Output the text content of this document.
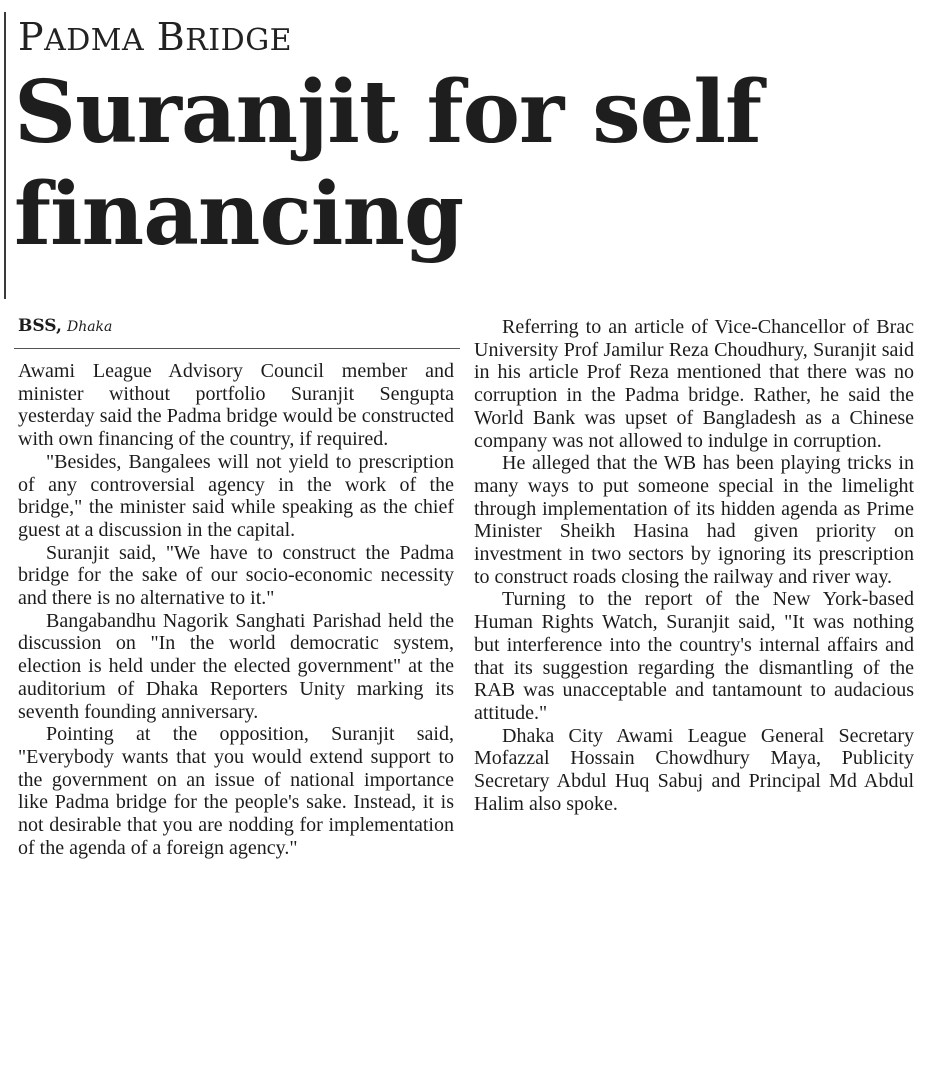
PADMA BRIDGE
Suranjit for self financing
BSS, Dhaka

Awami League Advisory Council member and minister without portfolio Suranjit Sengupta yesterday said the Padma bridge would be constructed with own financing of the country, if required.

"Besides, Bangalees will not yield to prescription of any controversial agency in the work of the bridge," the minister said while speaking as the chief guest at a discussion in the capital.

Suranjit said, "We have to construct the Padma bridge for the sake of our socio-economic necessity and there is no alternative to it."

Bangabandhu Nagorik Sanghati Parishad held the discussion on "In the world democratic system, election is held under the elected government" at the auditorium of Dhaka Reporters Unity marking its seventh founding anniversary.

Pointing at the opposition, Suranjit said, "Everybody wants that you would extend support to the government on an issue of national importance like Padma bridge for the people's sake. Instead, it is not desirable that you are nodding for implementation of the agenda of a foreign agency."

Referring to an article of Vice-Chancellor of Brac University Prof Jamilur Reza Choudhury, Suranjit said in his article Prof Reza mentioned that there was no corruption in the Padma bridge. Rather, he said the World Bank was upset of Bangladesh as a Chinese company was not allowed to indulge in corruption.

He alleged that the WB has been playing tricks in many ways to put someone special in the limelight through implementation of its hidden agenda as Prime Minister Sheikh Hasina had given priority on investment in two sectors by ignoring its prescription to construct roads closing the railway and river way.

Turning to the report of the New York-based Human Rights Watch, Suranjit said, "It was nothing but interference into the country's internal affairs and that its suggestion regarding the dismantling of the RAB was unacceptable and tantamount to audacious attitude."

Dhaka City Awami League General Secretary Mofazzal Hossain Chowdhury Maya, Publicity Secretary Abdul Huq Sabuj and Principal Md Abdul Halim also spoke.
